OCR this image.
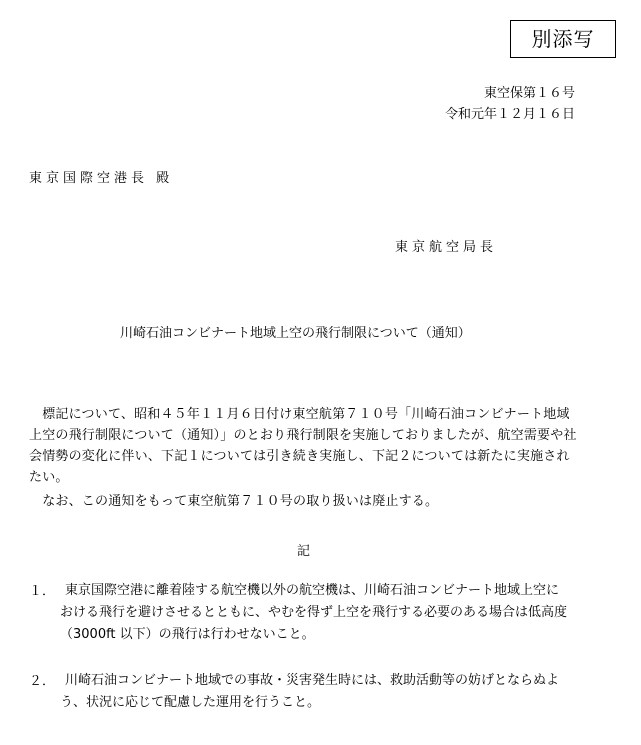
別添写
東空保第１６号
令和元年１２月１６日
東京国際空港長 殿
東京航空局長
川崎石油コンビナート地域上空の飛行制限について（通知）
　標記について、昭和４５年１１月６日付け東空航第７１０号「川崎石油コンビナート地域
上空の飛行制限について（通知）」のとおり飛行制限を実施しておりましたが、航空需要や社
会情勢の変化に伴い、下記１については引き続き実施し、下記２については新たに実施され
たい。
　なお、この通知をもって東空航第７１０号の取り扱いは廃止する。
記
１．
　東京国際空港に離着陸する航空機以外の航空機は、川崎石油コンビナート地域上空に
おける飛行を避けさせるとともに、やむを得ず上空を飛行する必要のある場合は低高度
（3000ft 以下）の飛行は行わせないこと。
２．
　川崎石油コンビナート地域での事故・災害発生時には、救助活動等の妨げとならぬよ
う、状況に応じて配慮した運用を行うこと。
